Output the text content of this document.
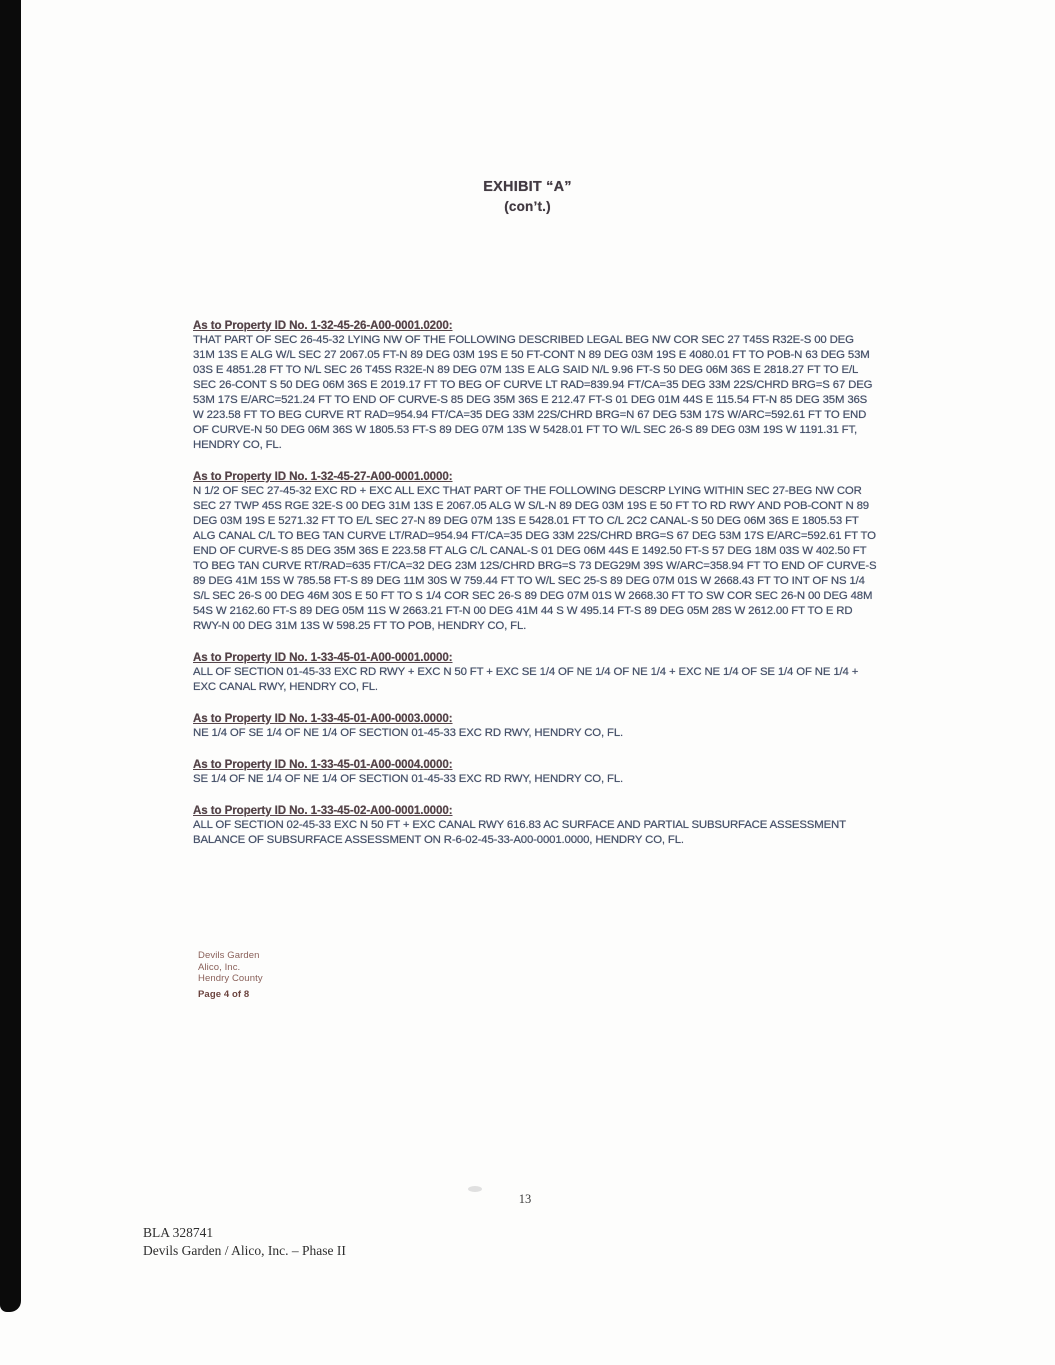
EXHIBIT “A”
(con’t.)
As to Property ID No. 1-32-45-26-A00-0001.0200:
THAT PART OF SEC 26-45-32 LYING NW OF THE FOLLOWING DESCRIBED LEGAL BEG NW COR SEC 27 T45S R32E-S 00 DEG 31M 13S E ALG W/L SEC 27 2067.05 FT-N 89 DEG 03M 19S E 50 FT-CONT N 89 DEG 03M 19S E 4080.01 FT TO POB-N 63 DEG 53M 03S E 4851.28 FT TO N/L SEC 26 T45S R32E-N 89 DEG 07M 13S E ALG SAID N/L 9.96 FT-S 50 DEG 06M 36S E 2818.27 FT TO E/L SEC 26-CONT S 50 DEG 06M 36S E 2019.17 FT TO BEG OF CURVE LT RAD=839.94 FT/CA=35 DEG 33M 22S/CHRD BRG=S 67 DEG 53M 17S E/ARC=521.24 FT TO END OF CURVE-S 85 DEG 35M 36S E 212.47 FT-S 01 DEG 01M 44S E 115.54 FT-N 85 DEG 35M 36S W 223.58 FT TO BEG CURVE RT RAD=954.94 FT/CA=35 DEG 33M 22S/CHRD BRG=N 67 DEG 53M 17S W/ARC=592.61 FT TO END OF CURVE-N 50 DEG 06M 36S W 1805.53 FT-S 89 DEG 07M 13S W 5428.01 FT TO W/L SEC 26-S 89 DEG 03M 19S W 1191.31 FT, HENDRY CO, FL.
As to Property ID No. 1-32-45-27-A00-0001.0000:
N 1/2 OF SEC 27-45-32 EXC RD + EXC ALL EXC THAT PART OF THE FOLLOWING DESCRP LYING WITHIN SEC 27-BEG NW COR SEC 27 TWP 45S RGE 32E-S 00 DEG 31M 13S E 2067.05 ALG W S/L-N 89 DEG 03M 19S E 50 FT TO RD RWY AND POB-CONT N 89 DEG 03M 19S E 5271.32 FT TO E/L SEC 27-N 89 DEG 07M 13S E 5428.01 FT TO C/L 2C2 CANAL-S 50 DEG 06M 36S E 1805.53 FT ALG CANAL C/L TO BEG TAN CURVE LT/RAD=954.94 FT/CA=35 DEG 33M 22S/CHRD BRG=S 67 DEG 53M 17S E/ARC=592.61 FT TO END OF CURVE-S 85 DEG 35M 36S E 223.58 FT ALG C/L CANAL-S 01 DEG 06M 44S E 1492.50 FT-S 57 DEG 18M 03S W 402.50 FT TO BEG TAN CURVE RT/RAD=635 FT/CA=32 DEG 23M 12S/CHRD BRG=S 73 DEG29M 39S W/ARC=358.94 FT TO END OF CURVE-S 89 DEG 41M 15S W 785.58 FT-S 89 DEG 11M 30S W 759.44 FT TO W/L SEC 25-S 89 DEG 07M 01S W 2668.43 FT TO INT OF NS 1/4 S/L SEC 26-S 00 DEG 46M 30S E 50 FT TO S 1/4 COR SEC 26-S 89 DEG 07M 01S W 2668.30 FT TO SW COR SEC 26-N 00 DEG 48M 54S W 2162.60 FT-S 89 DEG 05M 11S W 2663.21 FT-N 00 DEG 41M 44 S W 495.14 FT-S 89 DEG 05M 28S W 2612.00 FT TO E RD RWY-N 00 DEG 31M 13S W 598.25 FT TO POB, HENDRY CO, FL.
As to Property ID No. 1-33-45-01-A00-0001.0000:
ALL OF SECTION 01-45-33 EXC RD RWY + EXC N 50 FT + EXC SE 1/4 OF NE 1/4 OF NE 1/4 + EXC NE 1/4 OF SE 1/4 OF NE 1/4 + EXC CANAL RWY, HENDRY CO, FL.
As to Property ID No. 1-33-45-01-A00-0003.0000:
NE 1/4 OF SE 1/4 OF NE 1/4 OF SECTION 01-45-33 EXC RD RWY, HENDRY CO, FL.
As to Property ID No. 1-33-45-01-A00-0004.0000:
SE 1/4 OF NE 1/4 OF NE 1/4 OF SECTION 01-45-33 EXC RD RWY, HENDRY CO, FL.
As to Property ID No. 1-33-45-02-A00-0001.0000:
ALL OF SECTION 02-45-33 EXC N 50 FT + EXC CANAL RWY 616.83 AC SURFACE AND PARTIAL SUBSURFACE ASSESSMENT BALANCE OF SUBSURFACE ASSESSMENT ON R-6-02-45-33-A00-0001.0000, HENDRY CO, FL.
Devils Garden
Alico, Inc.
Hendry County
Page 4 of 8
13
BLA 328741
Devils Garden / Alico, Inc. – Phase II
